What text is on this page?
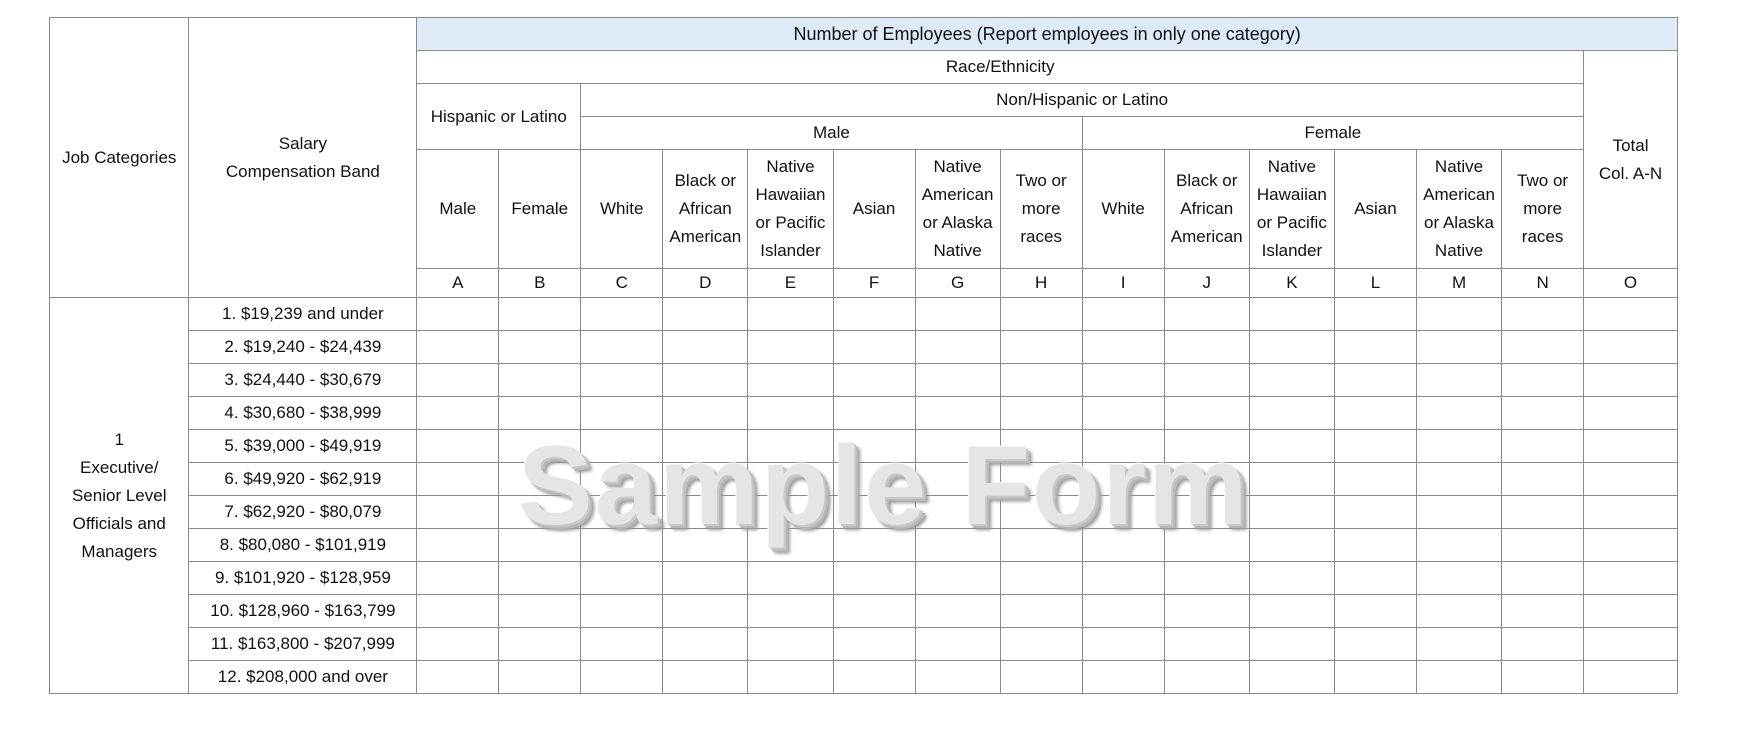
Job Categories	Salary Compensation Band	Number of Employees (Report employees in only one category)														
		Race/Ethnicity														Total Col. A-N
		Hispanic or Latino		Non/Hispanic or Latino												
				Male						Female						
		Male	Female	White	Black or African American	Native Hawaiian or Pacific Islander	Asian	Native American or Alaska Native	Two or more races	White	Black or African American	Native Hawaiian or Pacific Islander	Asian	Native American or Alaska Native	Two or more races	
		A	B	C	D	E	F	G	H	I	J	K	L	M	N	O

1
Executive/ Senior Level Officials and Managers	1. $19,239 and under															
	2. $19,240 - $24,439															
	3. $24,440 - $30,679															
	4. $30,680 - $38,999															
	5. $39,000 - $49,919															
	6. $49,920 - $62,919															
	7. $62,920 - $80,079															
	8. $80,080 - $101,919															
	9. $101,920 - $128,959															
	10. $128,960 - $163,799															
	11. $163,800 - $207,999															
	12. $208,000 and over															
Sample Form
